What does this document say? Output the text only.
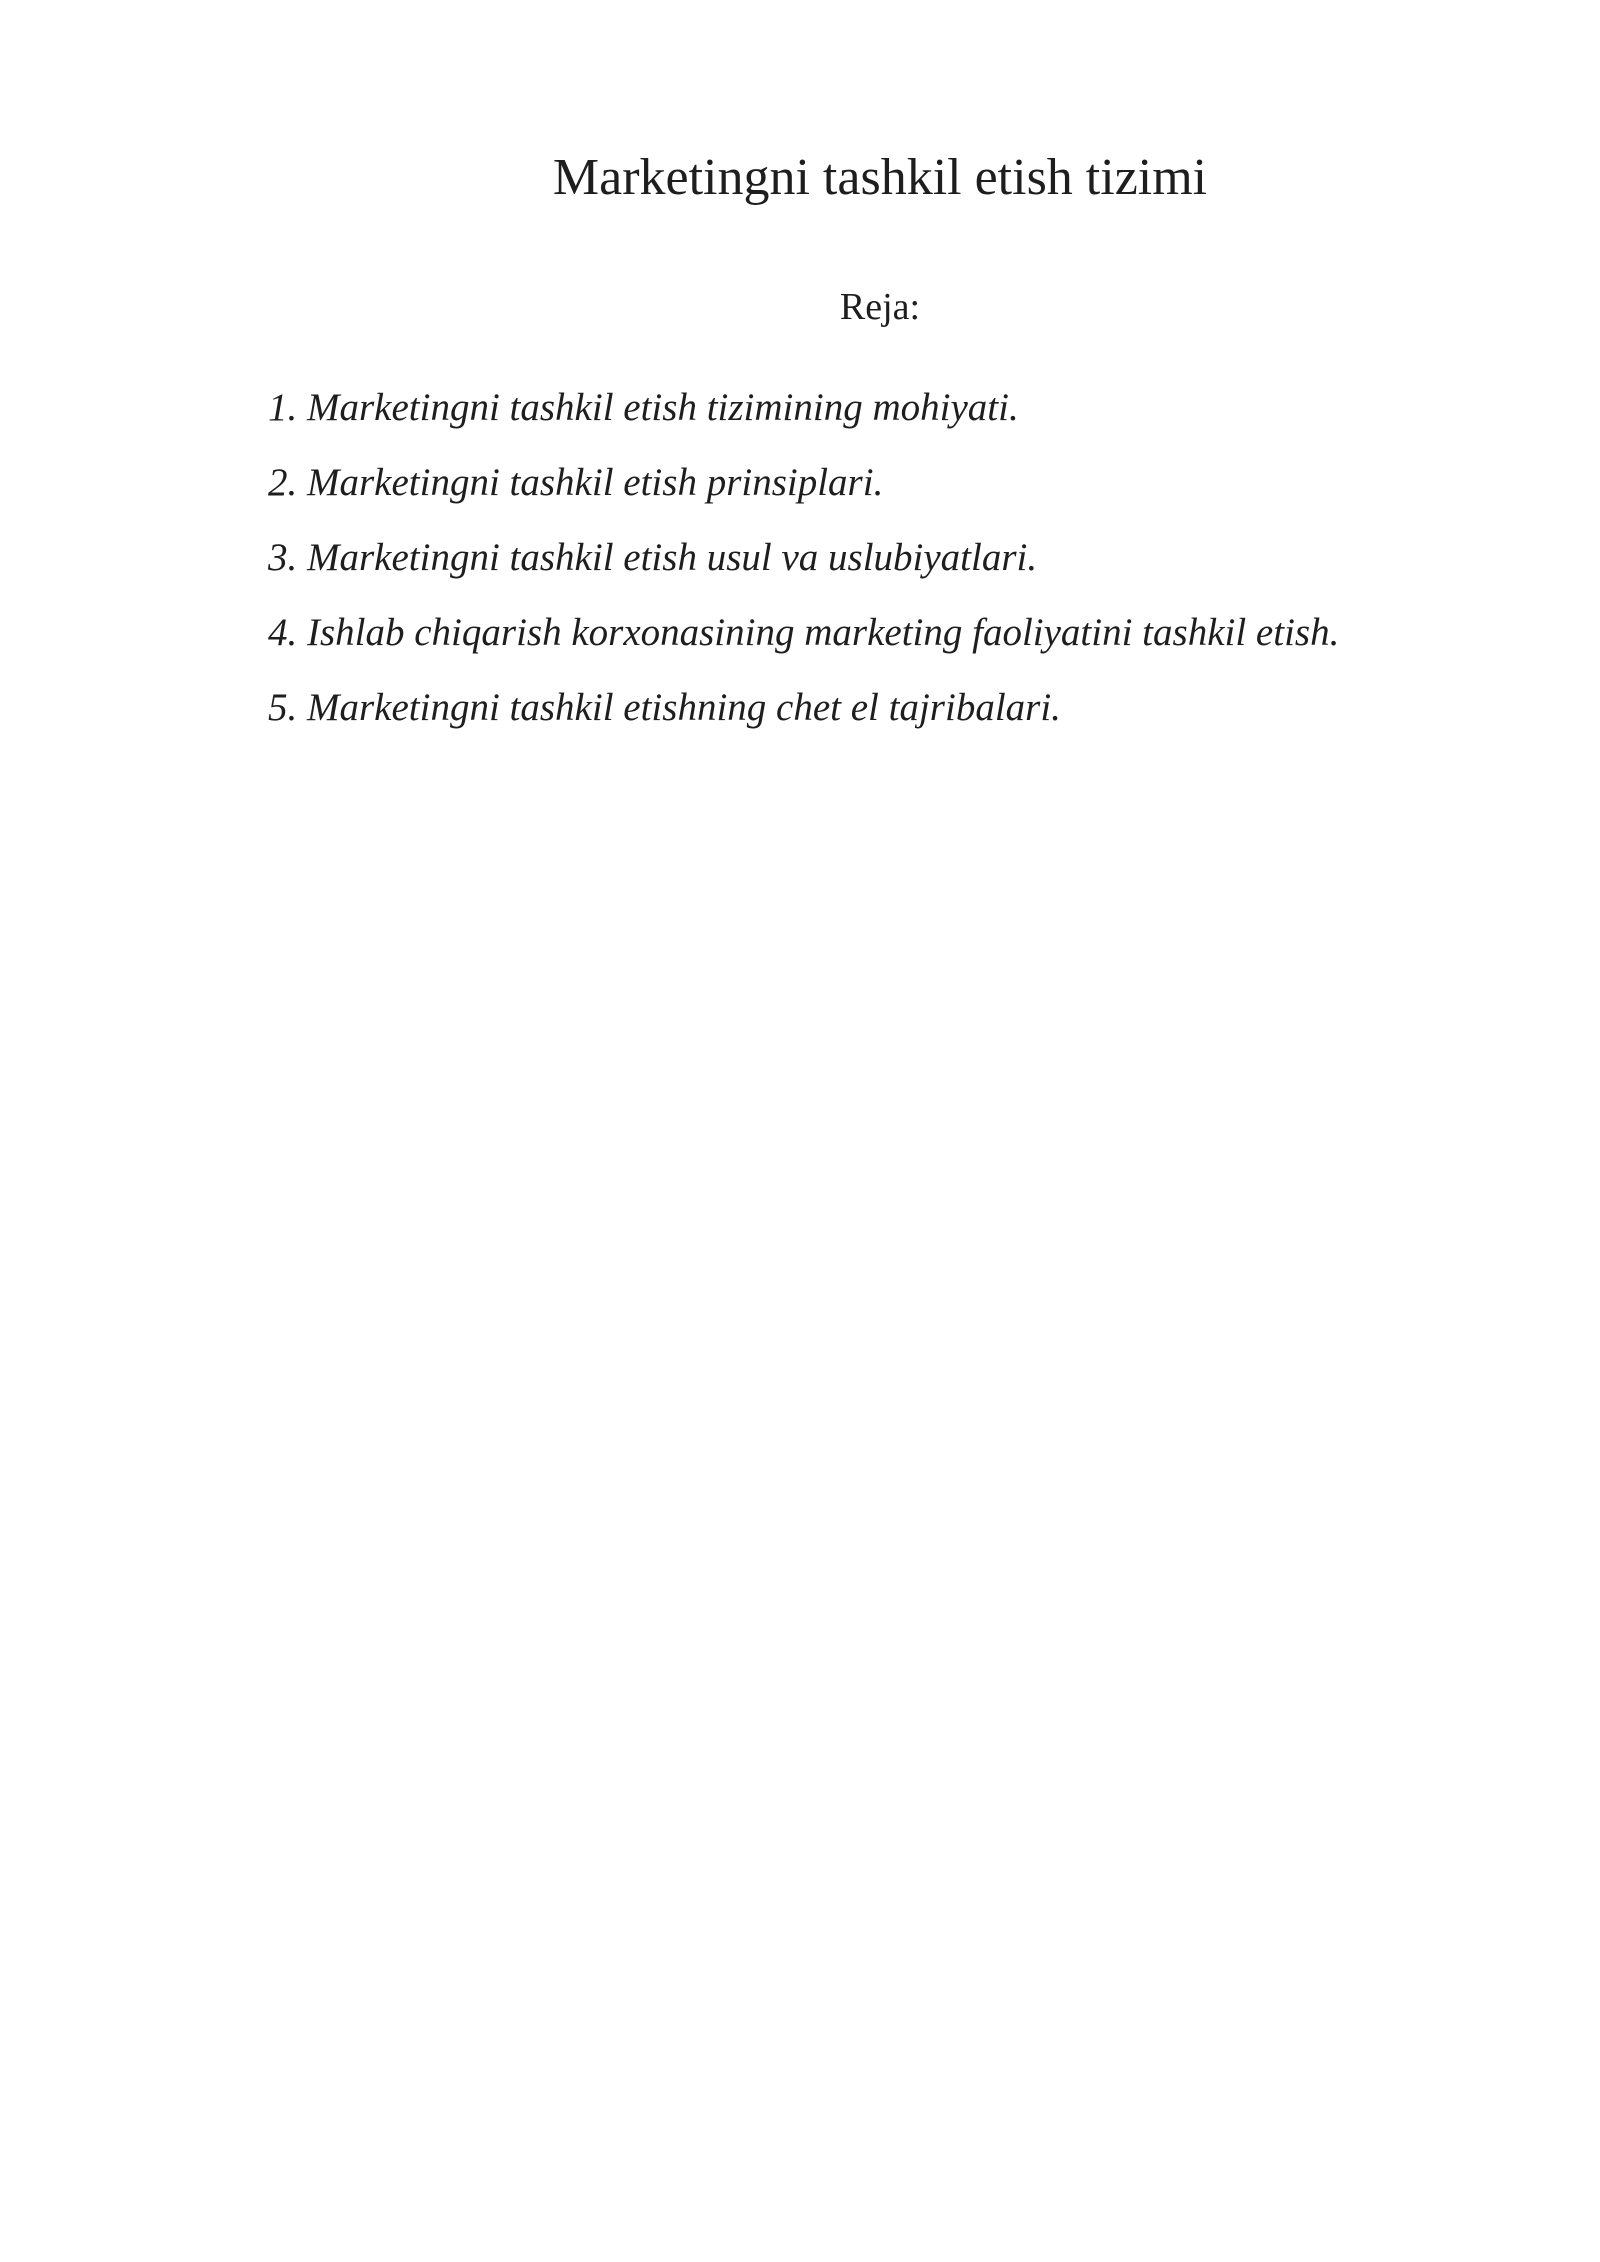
Marketingni tashkil etish tizimi
Reja:
1. Marketingni tashkil etish tizimining mohiyati.
2. Marketingni tashkil etish prinsiplari.
3. Marketingni tashkil etish usul va uslubiyatlari.
4. Ishlab chiqarish korxonasining marketing faoliyatini tashkil etish.
5. Marketingni tashkil etishning chet el tajribalari.
